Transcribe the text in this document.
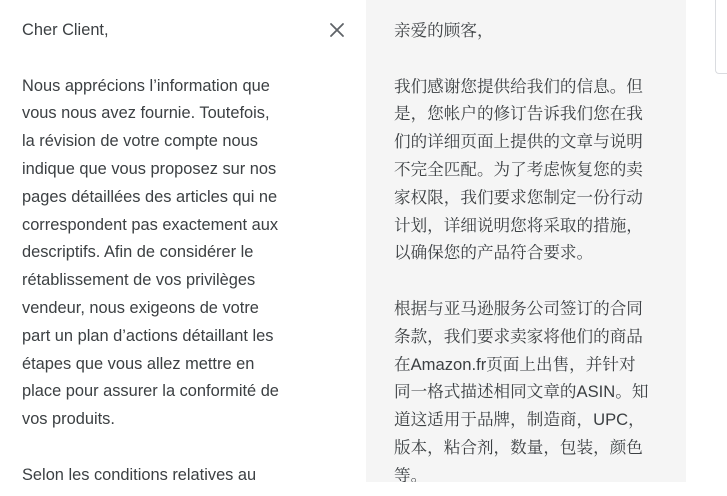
Cher Client,
Nous apprécions l’information que
vous nous avez fournie. Toutefois,
la révision de votre compte nous
indique que vous proposez sur nos
pages détaillées des articles qui ne
correspondent pas exactement aux
descriptifs. Afin de considérer le
rétablissement de vos privilèges
vendeur, nous exigeons de votre
part un plan d’actions détaillant les
étapes que vous allez mettre en
place pour assurer la conformité de
vos produits.
Selon les conditions relatives au
亲爱的顾客，
我们感谢您提供给我们的信息。但
是，您帐户的修订告诉我们您在我
们的详细页面上提供的文章与说明
不完全匹配。为了考虑恢复您的卖
家权限，我们要求您制定一份行动
计划，详细说明您将采取的措施，
以确保您的产品符合要求。
根据与亚马逊服务公司签订的合同
条款，我们要求卖家将他们的商品
在Amazon.fr页面上出售，并针对
同一格式描述相同文章的ASIN。知
道这适用于品牌，制造商，UPC，
版本，粘合剂，数量，包装，颜色
等。
